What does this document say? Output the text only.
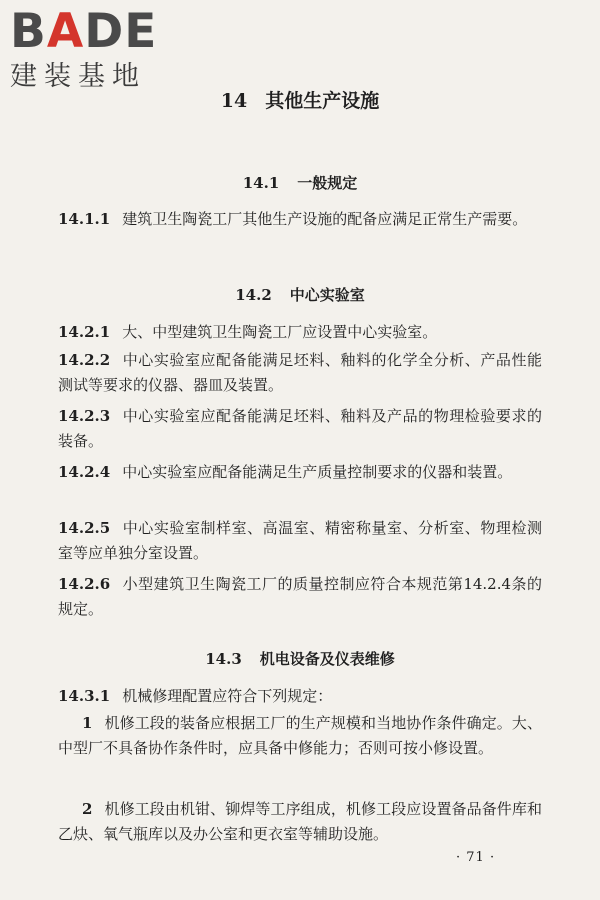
BADE
建装基地
14 其他生产设施
14.1 一般规定
14.1.1 建筑卫生陶瓷工厂其他生产设施的配备应满足正常生产需要。
14.2 中心实验室
14.2.1 大、中型建筑卫生陶瓷工厂应设置中心实验室。
14.2.2 中心实验室应配备能满足坯料、釉料的化学全分析、产品性能测试等要求的仪器、器皿及装置。
14.2.3 中心实验室应配备能满足坯料、釉料及产品的物理检验要求的装备。
14.2.4 中心实验室应配备能满足生产质量控制要求的仪器和装置。
14.2.5 中心实验室制样室、高温室、精密称量室、分析室、物理检测室等应单独分室设置。
14.2.6 小型建筑卫生陶瓷工厂的质量控制应符合本规范第14.2.4条的规定。
14.3 机电设备及仪表维修
14.3.1 机械修理配置应符合下列规定：
1 机修工段的装备应根据工厂的生产规模和当地协作条件确定。大、中型厂不具备协作条件时，应具备中修能力；否则可按小修设置。
2 机修工段由机钳、铆焊等工序组成，机修工段应设置备品备件库和乙炔、氧气瓶库以及办公室和更衣室等辅助设施。
· 71 ·
